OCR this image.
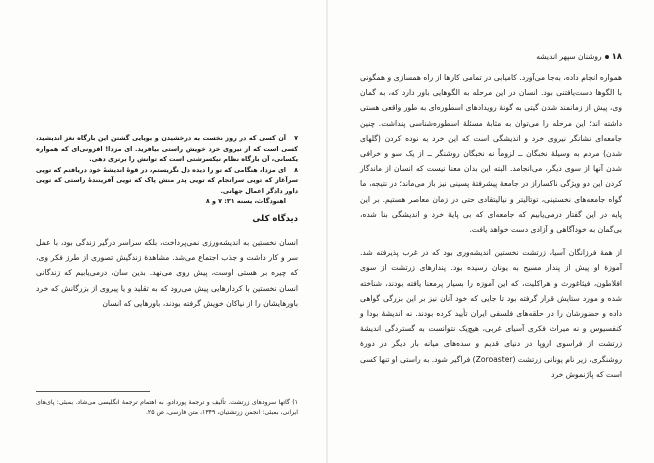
۷آن کسی که در روز نخست به درخشیدن و بویایی گشتن این بارگاه نغز اندیشید، کسی است که از نیروی خرد خویش راستی بیافرید. ای مزدا! افزونی‌ای که همواره یکسانی، آن بارگاه نظام نیکسرشتی است که توانش را برتری دهی.

۸ای مزدا، هنگامی که تو را دیده دل نگریستم، در قوهٔ اندیشهٔ خود دریافتم که تویی سرآغاز که تویی سرانجام که تویی پدر منش پاک که تویی آفرینندهٔ راستی که تویی داور دادگر اعمال جهانی.

اهنودگاث، یسنه ۳۱: ۷ و ۸

دیدگاه کلی

انسان نخستین به اندیشه‌ورزی نمی‌پرداخت، بلکه سراسر درگیر زندگی بود، با عمل سر و کار داشت و جذب اجتماع می‌شد. مشاهدهٔ زندگیش تصوری از طرز فکر وی، که چیره بر هستی اوست، پیش روی می‌نهد. بدین سان، درمی‌یابیم که زندگانی انسان نخستین با کردارهایی پیش می‌رود که به تقلید و یا پیروی از بزرگانش که خرد باورهایشان را از نیاکان خویش گرفته بودند، باورهایی که انسان

۱) گاتها سرودهای زرتشت. تألیف و ترجمهٔ پوردادو. به اهتمام ترجمهٔ انگلیسی می‌شاد. بمبئی: پای‌های ایرانی، بمبئی: انجمن زرتشتیان، ۱۳۴۹، متن فارسی، ص ۲۵.
۱۸روشنان سپهر اندیشه

همواره انجام داده، به‌جا می‌آورد. کامیابی در تمامی کارها از راه همسازی و همگونی با الگوها دست‌یافتنی بود. انسان در این مرحله به الگوهایی باور دارد که، به گمان وی، پیش از زمانمند شدن گیتی به گونهٔ رویدادهای اسطوره‌ای به طور واقعی هستی داشته اند؛ این مرحله را می‌توان به مثابهٔ مسئلهٔ اسطوره‌شناسی پنداشت. چنین جامعه‌ای نشانگر نیروی خرد و اندیشگی است که این خرد به نوده کردن (گلهای شدن) مردم به وسیلهٔ نخبگان ــ لزوماً نه نخبگان روشنگر ــ از یک سو و خرافی شدن آنها از سوی دیگر، می‌انجامد. البته این بدان معنا نیست که انسان از ماندگار کردن این دو ویژگی ناکساراز در جامعهٔ پیشرفتهٔ پسینی نیز باز می‌ماند؛ در نتیجه، ما گواه جامعه‌های نخستینی، توتالیتر و نیالیتقادی حتی در زمان معاصر هستیم. بر این پایه در این گفتار درمی‌یابیم که جامعه‌ای که بی پایهٔ خرد و اندیشگی بنا شده، بی‌گمان به خودآگاهی و آزادی دست خواهد یافت.

از همهٔ فرزانگان آسیا، زرتشت نخستین اندیشه‌وری بود که در غرب پذیرفته شد. آموزهٔ او پیش از پندار مسیح به یونان رسیده بود. پندارهای زرتشت از سوی افلاطون، فیثاغورث و هراکلیت، که این آموزه را بسیار پرمعنا یافته بودند، شناخته شده و مورد ستایش قرار گرفته بود تا جایی که خود آنان نیز بر این بزرگی گواهی داده و حضورشان را در حلقه‌های فلسفی ایران تأیید کرده بودند. نه اندیشهٔ بودا و کنفسیوس و نه میراث فکری آسیای غربی، هیچ‌یک نتوانست به گستردگی اندیشهٔ زرتشت از فراسوی اروپا در دنیای قدیم و سده‌های میانه بار دیگر در دورهٔ روشنگری، زیر نام یونانی زرتشت (Zoroaster) فراگیر شود. به راستی او تنها کسی است که پاژنموش خرد
